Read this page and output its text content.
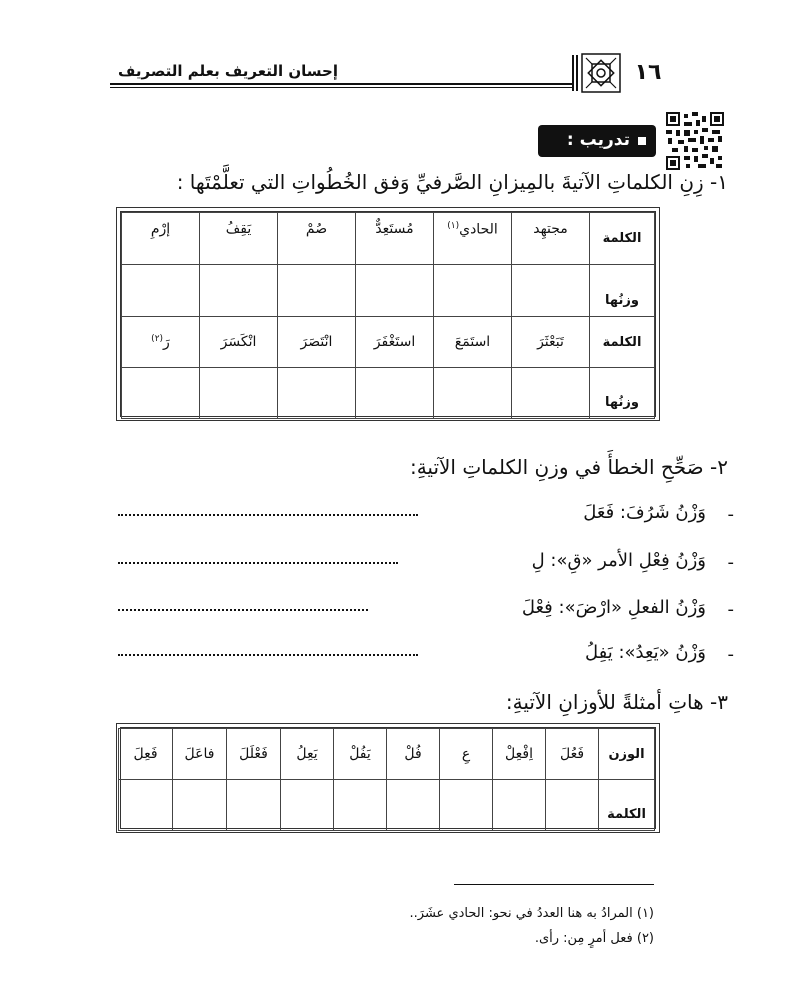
إحسان التعريف بعلم التصريف	١٦
تدريب :
١- زِنِ الكلماتِ الآتيةَ بالمِيزانِ الصَّرفيِّ وَفق الخُطُواتِ التي تعلَّمْتَها :
الكلمة	مجتهِد	الحادي$^{(١)}$	مُستَعِدٌّ	صُمْ	يَقِفُ	إرْمِ
وزنُها						
الكلمة	تَبَعْثَرَ	استَمَعَ	استَغْفَرَ	انْتَصَرَ	انْكَسَرَ	رَ$^{(٢)}$
وزنُها						
٢- صَحِّحِ الخطأَ في وزنِ الكلماتِ الآتيةِ:
-
وَزْنُ شَرُفَ: فَعَلَ
-
وَزْنُ فِعْلِ الأمر «قِ»: لِ
-
وَزْنُ الفعلِ «ارْضَ»: فِعْلَ
-
وَزْنُ «يَعِدُ»: يَفِلُ
٣- هاتِ أمثلةً للأوزانِ الآتيةِ:
الوزن	فَعُلَ	اِفْعِلْ	عِ	فُلْ	يَفُلْ	يَعِلُ	فَعْلَلَ	فاعَلَ	فَعِلَ
الكلمة									
(١) المرادُ به هنا العددُ في نحو: الحادي عشَرَ..
(٢) فعل أمرٍ مِن: رأى.
